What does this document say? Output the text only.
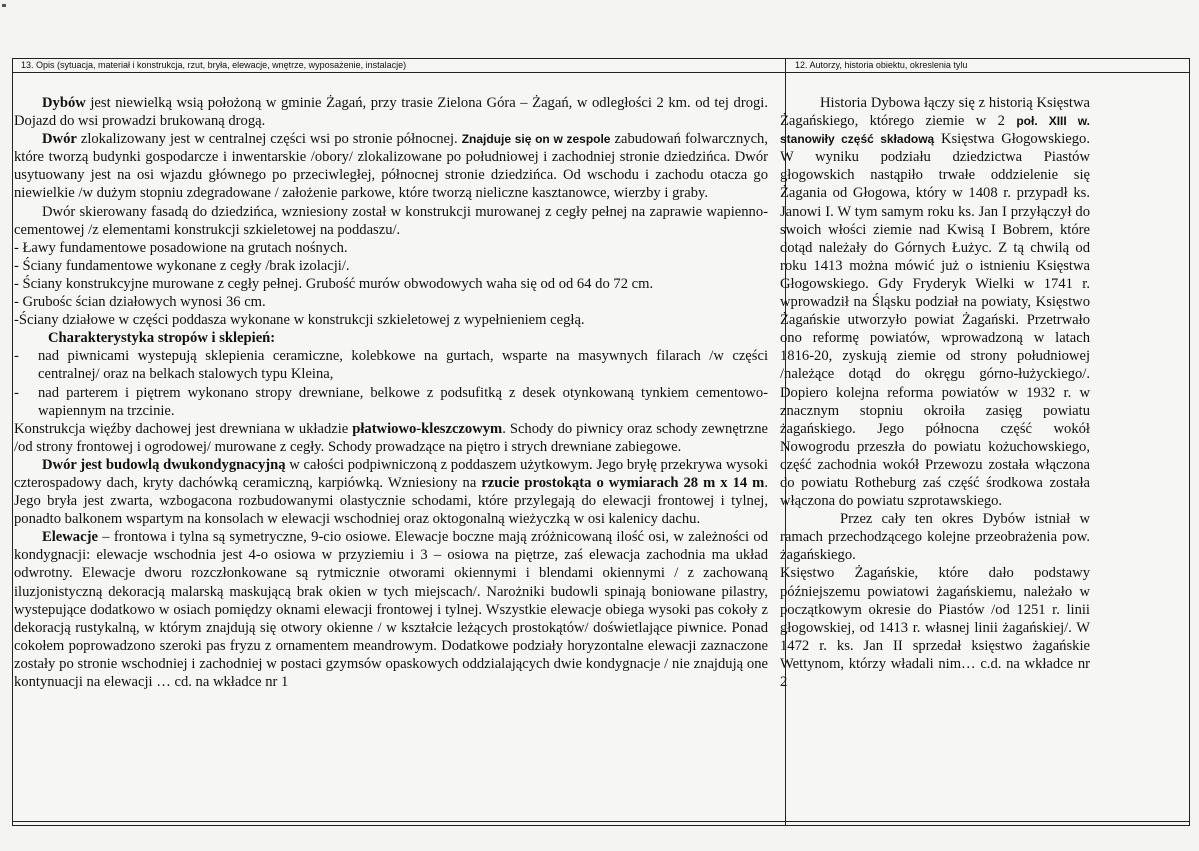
13. Opis (sytuacja, materiał i konstrukcja, rzut, bryła, elewacje, wnętrze, wyposażenie, instalacje)	12. Autorzy, historia obiektu, okreslenia tylu

Dybów jest niewielką wsią położoną w gminie Żagań, przy trasie Zielona Góra – Żagań, w odległości 2 km. od tej drogi. Dojazd do wsi prowadzi brukowaną drogą.

Dwór zlokalizowany jest w centralnej części wsi po stronie północnej. Znajduje się on w zespole zabudowań folwarcznych, które tworzą budynki gospodarcze i inwentarskie /obory/ zlokalizowane po południowej i zachodniej stronie dziedzińca. Dwór usytuowany jest na osi wjazdu głównego po przeciwległej, północnej stronie dziedzińca. Od wschodu i zachodu otacza go niewielkie /w dużym stopniu zdegradowane / założenie parkowe, które tworzą nieliczne kasztanowce, wierzby i graby.

Dwór skierowany fasadą do dziedzińca, wzniesiony został w konstrukcji murowanej z cegły pełnej na zaprawie wapienno-cementowej /z elementami konstrukcji szkieletowej na poddaszu/.

- Ławy fundamentowe posadowione na grutach nośnych.

- Ściany fundamentowe wykonane z cegły /brak izolacji/.

- Ściany konstrukcyjne murowane z cegły pełnej. Grubość murów obwodowych waha się od od 64 do 72 cm.

- Grubośc ścian działowych wynosi 36 cm.

-Ściany działowe w części poddasza wykonane w konstrukcji szkieletowej z wypełnieniem cegłą.

Charakterystyka stropów i sklepień:

- nad piwnicami wystepują sklepienia ceramiczne, kolebkowe na gurtach, wsparte na masywnych filarach /w części centralnej/ oraz na belkach stalowych typu Kleina,
- nad parterem i piętrem wykonano stropy drewniane, belkowe z podsufitką z desek otynkowaną tynkiem cementowo-wapiennym na trzcinie.

Konstrukcja więźby dachowej jest drewniana w układzie płatwiowo-kleszczowym. Schody do piwnicy oraz schody zewnętrzne /od strony frontowej i ogrodowej/ murowane z cegły. Schody prowadzące na piętro i strych drewniane zabiegowe.

Dwór jest budowlą dwukondygnacyjną w całości podpiwniczoną z poddaszem użytkowym. Jego bryłę przekrywa wysoki czterospadowy dach, kryty dachówką ceramiczną, karpiówką. Wzniesiony na rzucie prostokąta o wymiarach 28 m x 14 m. Jego bryła jest zwarta, wzbogacona rozbudowanymi olastycznie schodami, które przylegają do elewacji frontowej i tylnej, ponadto balkonem wspartym na konsolach w elewacji wschodniej oraz oktogonalną wieżyczką w osi kalenicy dachu.

Elewacje – frontowa i tylna są symetryczne, 9-cio osiowe. Elewacje boczne mają zróżnicowaną ilość osi, w zależności od kondygnacji: elewacje wschodnia jest 4-o osiowa w przyziemiu i 3 – osiowa na piętrze, zaś elewacja zachodnia ma układ odwrotny. Elewacje dworu rozczłonkowane są rytmicznie otworami okiennymi i blendami okiennymi / z zachowaną iluzjonistyczną dekoracją malarską maskującą brak okien w tych miejscach/. Narożniki budowli spinają boniowane pilastry, wystepujące dodatkowo w osiach pomiędzy oknami elewacji frontowej i tylnej. Wszystkie elewacje obiega wysoki pas cokoły z dekoracją rustykalną, w którym znajdują się otwory okienne / w kształcie leżących prostokątów/ doświetlające piwnice. Ponad cokołem poprowadzono szeroki pas fryzu z ornamentem meandrowym. Dodatkowe podziały horyzontalne elewacji zaznaczone zostały po stronie wschodniej i zachodniej w postaci gzymsów opaskowych oddzialających dwie kondygnacje / nie znajdują one kontynuacji na elewacji … cd. na wkładce nr 1

Historia Dybowa łączy się z historią Księstwa Żagańskiego, którego ziemie w 2 poł. XIII w. stanowiły część składową Księstwa Głogowskiego. W wyniku podziału dziedzictwa Piastów głogowskich nastąpiło trwałe oddzielenie się Żagania od Głogowa, który w 1408 r. przypadł ks. Janowi I. W tym samym roku ks. Jan I przyłączył do swoich włości ziemie nad Kwisą I Bobrem, które dotąd należały do Górnych Łużyc. Z tą chwilą od roku 1413 można mówić już o istnieniu Księstwa Głogowskiego. Gdy Fryderyk Wielki w 1741 r. wprowadził na Śląsku podział na powiaty, Księstwo Żagańskie utworzyło powiat Żagański. Przetrwało ono reformę powiatów, wprowadzoną w latach 1816-20, zyskują ziemie od strony południowej /należące dotąd do okręgu górno-łużyckiego/. Dopiero kolejna reforma powiatów w 1932 r. w znacznym stopniu okroiła zasięg powiatu żagańskiego. Jego północna część wokół Nowogrodu przeszła do powiatu kożuchowskiego, część zachodnia wokół Przewozu została włączona do powiatu Rotheburg zaś część środkowa została włączona do powiatu szprotawskiego.

Przez cały ten okres Dybów istniał w ramach przechodzącego kolejne przeobrażenia pow. żagańskiego.

Księstwo Żagańskie, które dało podstawy późniejszemu powiatowi żagańskiemu, należało w początkowym okresie do Piastów /od 1251 r. linii głogowskiej, od 1413 r. własnej linii żagańskiej/. W 1472 r. ks. Jan II sprzedał księstwo żagańskie Wettynom, którzy władali nim… c.d. na wkładce nr 2
